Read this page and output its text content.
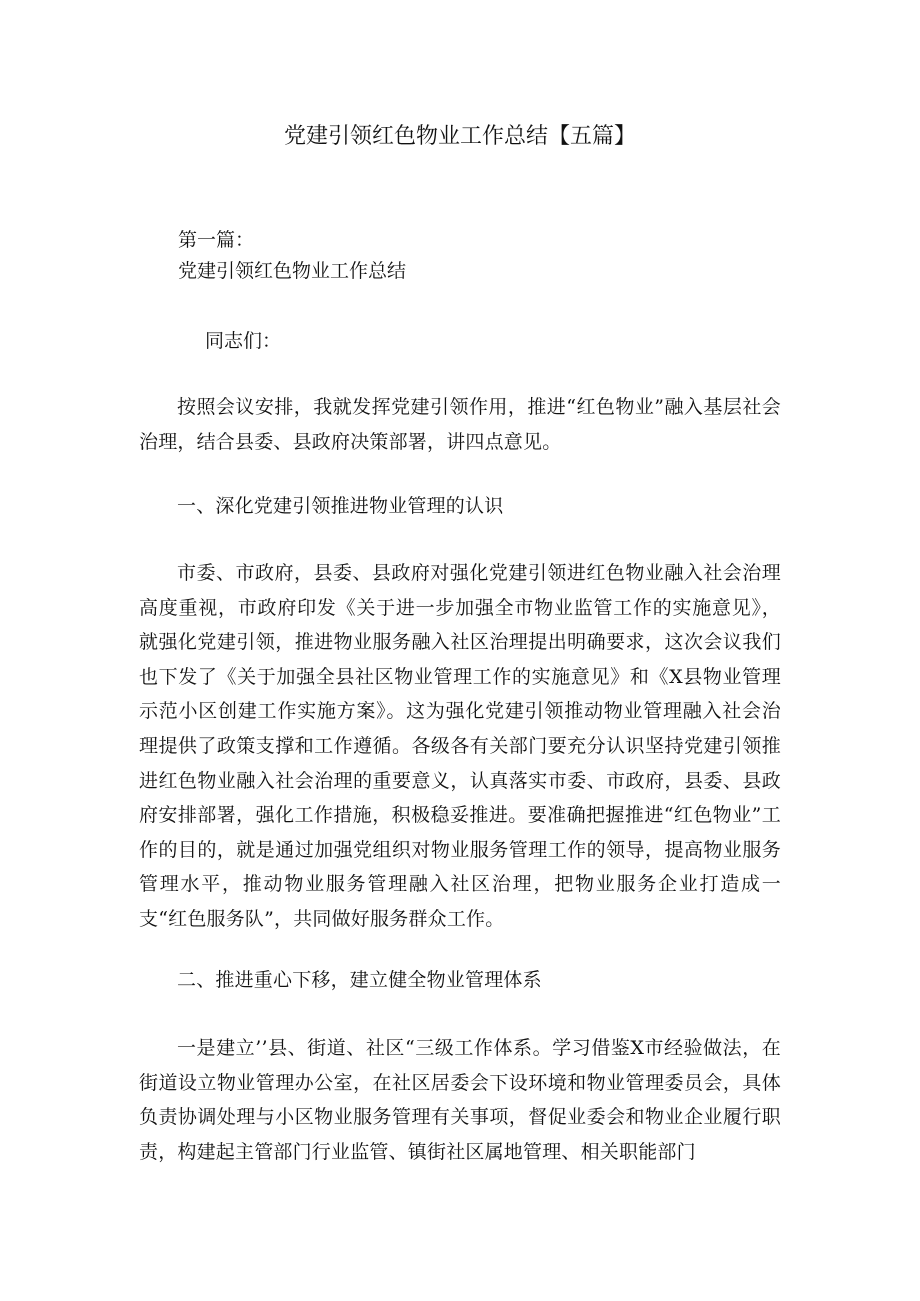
党建引领红色物业工作总结【五篇】

第一篇：

党建引领红色物业工作总结

同志们：

按照会议安排，我就发挥党建引领作用，推进“红色物业”融入基层社会治理，结合县委、县政府决策部署，讲四点意见。

一、深化党建引领推进物业管理的认识

市委、市政府，县委、县政府对强化党建引领进红色物业融入社会治理高度重视，市政府印发《关于进一步加强全市物业监管工作的实施意见》，就强化党建引领，推进物业服务融入社区治理提出明确要求，这次会议我们也下发了《关于加强全县社区物业管理工作的实施意见》和《X县物业管理示范小区创建工作实施方案》。这为强化党建引领推动物业管理融入社会治理提供了政策支撑和工作遵循。各级各有关部门要充分认识坚持党建引领推进红色物业融入社会治理的重要意义，认真落实市委、市政府，县委、县政府安排部署，强化工作措施，积极稳妥推进。要准确把握推进“红色物业”工作的目的，就是通过加强党组织对物业服务管理工作的领导，提高物业服务管理水平，推动物业服务管理融入社区治理，把物业服务企业打造成一支“红色服务队”，共同做好服务群众工作。

二、推进重心下移，建立健全物业管理体系

一是建立’’县、街道、社区“三级工作体系。学习借鉴X市经验做法，在街道设立物业管理办公室，在社区居委会下设环境和物业管理委员会，具体负责协调处理与小区物业服务管理有关事项，督促业委会和物业企业履行职责，构建起主管部门行业监管、镇街社区属地管理、相关职能部门
